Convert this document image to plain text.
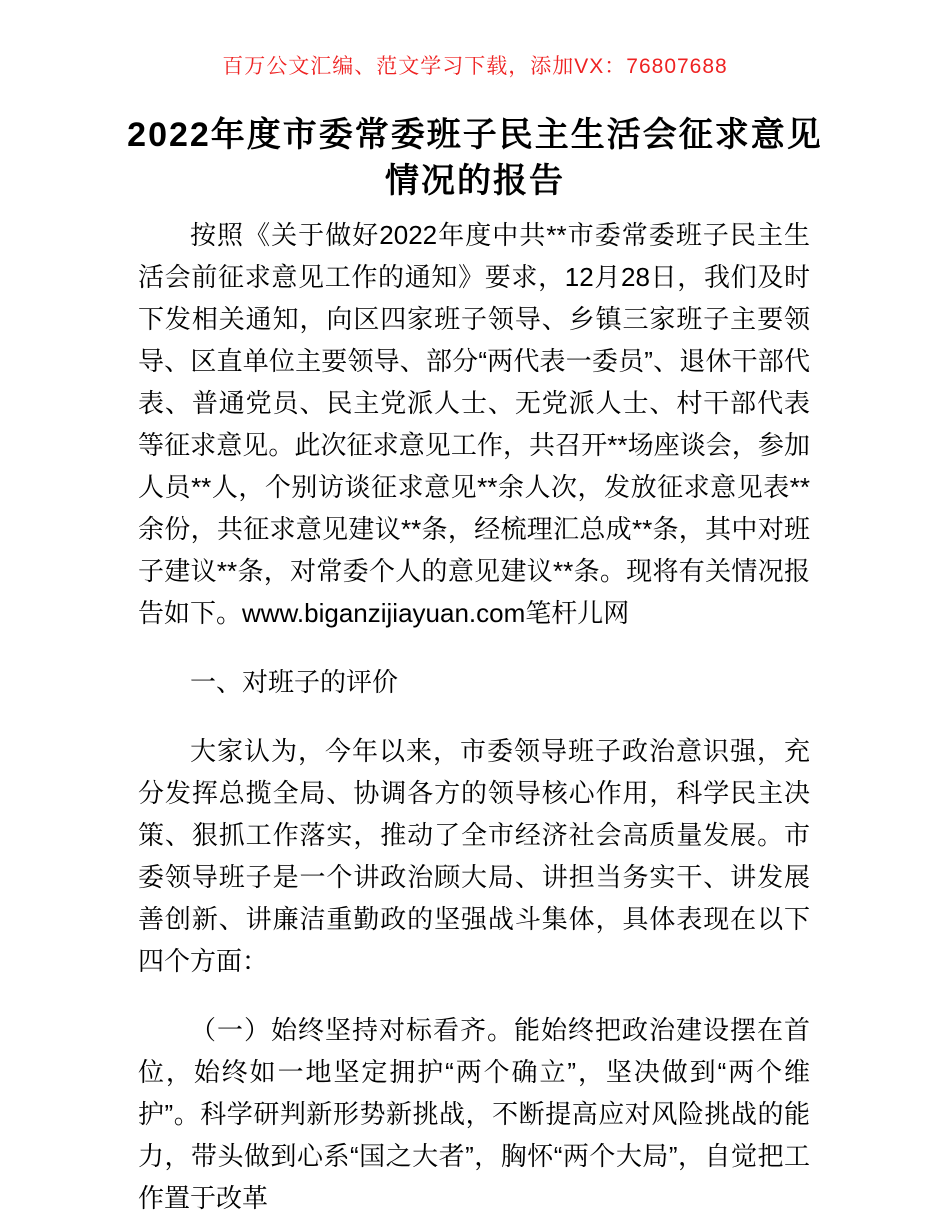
百万公文汇编、范文学习下载，添加VX：76807688
2022年度市委常委班子民主生活会征求意见情况的报告

按照《关于做好2022年度中共**市委常委班子民主生活会前征求意见工作的通知》要求，12月28日，我们及时下发相关通知，向区四家班子领导、乡镇三家班子主要领导、区直单位主要领导、部分“两代表一委员”、退休干部代表、普通党员、民主党派人士、无党派人士、村干部代表等征求意见。此次征求意见工作，共召开**场座谈会，参加人员**人，个别访谈征求意见**余人次，发放征求意见表**余份，共征求意见建议**条，经梳理汇总成**条，其中对班子建议**条，对常委个人的意见建议**条。现将有关情况报告如下。www.biganzijiayuan.com笔杆儿网

一、对班子的评价

大家认为，今年以来，市委领导班子政治意识强，充分发挥总揽全局、协调各方的领导核心作用，科学民主决策、狠抓工作落实，推动了全市经济社会高质量发展。市委领导班子是一个讲政治顾大局、讲担当务实干、讲发展善创新、讲廉洁重勤政的坚强战斗集体，具体表现在以下四个方面：

（一）始终坚持对标看齐。能始终把政治建设摆在首位，始终如一地坚定拥护“两个确立”，坚决做到“两个维护”。科学研判新形势新挑战，不断提高应对风险挑战的能力，带头做到心系“国之大者”，胸怀“两个大局”，自觉把工作置于改革
